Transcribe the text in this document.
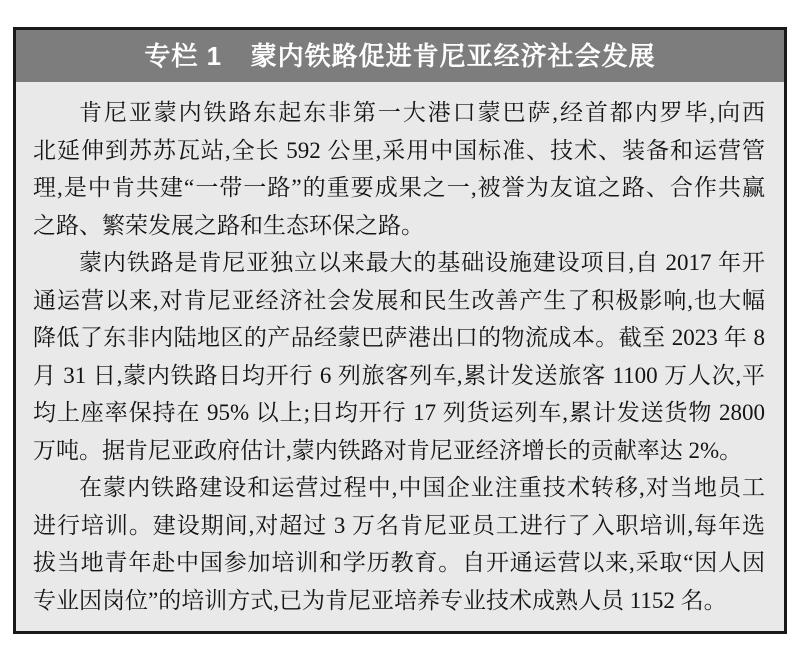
专栏 1 蒙内铁路促进肯尼亚经济社会发展
肯尼亚蒙内铁路东起东非第一大港口蒙巴萨,经首都内罗毕,向西
北延伸到苏苏瓦站,全长 592 公里,采用中国标准、技术、装备和运营管
理,是中肯共建“一带一路”的重要成果之一,被誉为友谊之路、合作共赢
之路、繁荣发展之路和生态环保之路。
蒙内铁路是肯尼亚独立以来最大的基础设施建设项目,自 2017 年开
通运营以来,对肯尼亚经济社会发展和民生改善产生了积极影响,也大幅
降低了东非内陆地区的产品经蒙巴萨港出口的物流成本。截至 2023 年 8
月 31 日,蒙内铁路日均开行 6 列旅客列车,累计发送旅客 1100 万人次,平
均上座率保持在 95% 以上;日均开行 17 列货运列车,累计发送货物 2800
万吨。据肯尼亚政府估计,蒙内铁路对肯尼亚经济增长的贡献率达 2%。
在蒙内铁路建设和运营过程中,中国企业注重技术转移,对当地员工
进行培训。建设期间,对超过 3 万名肯尼亚员工进行了入职培训,每年选
拔当地青年赴中国参加培训和学历教育。自开通运营以来,采取“因人因
专业因岗位”的培训方式,已为肯尼亚培养专业技术成熟人员 1152 名。
